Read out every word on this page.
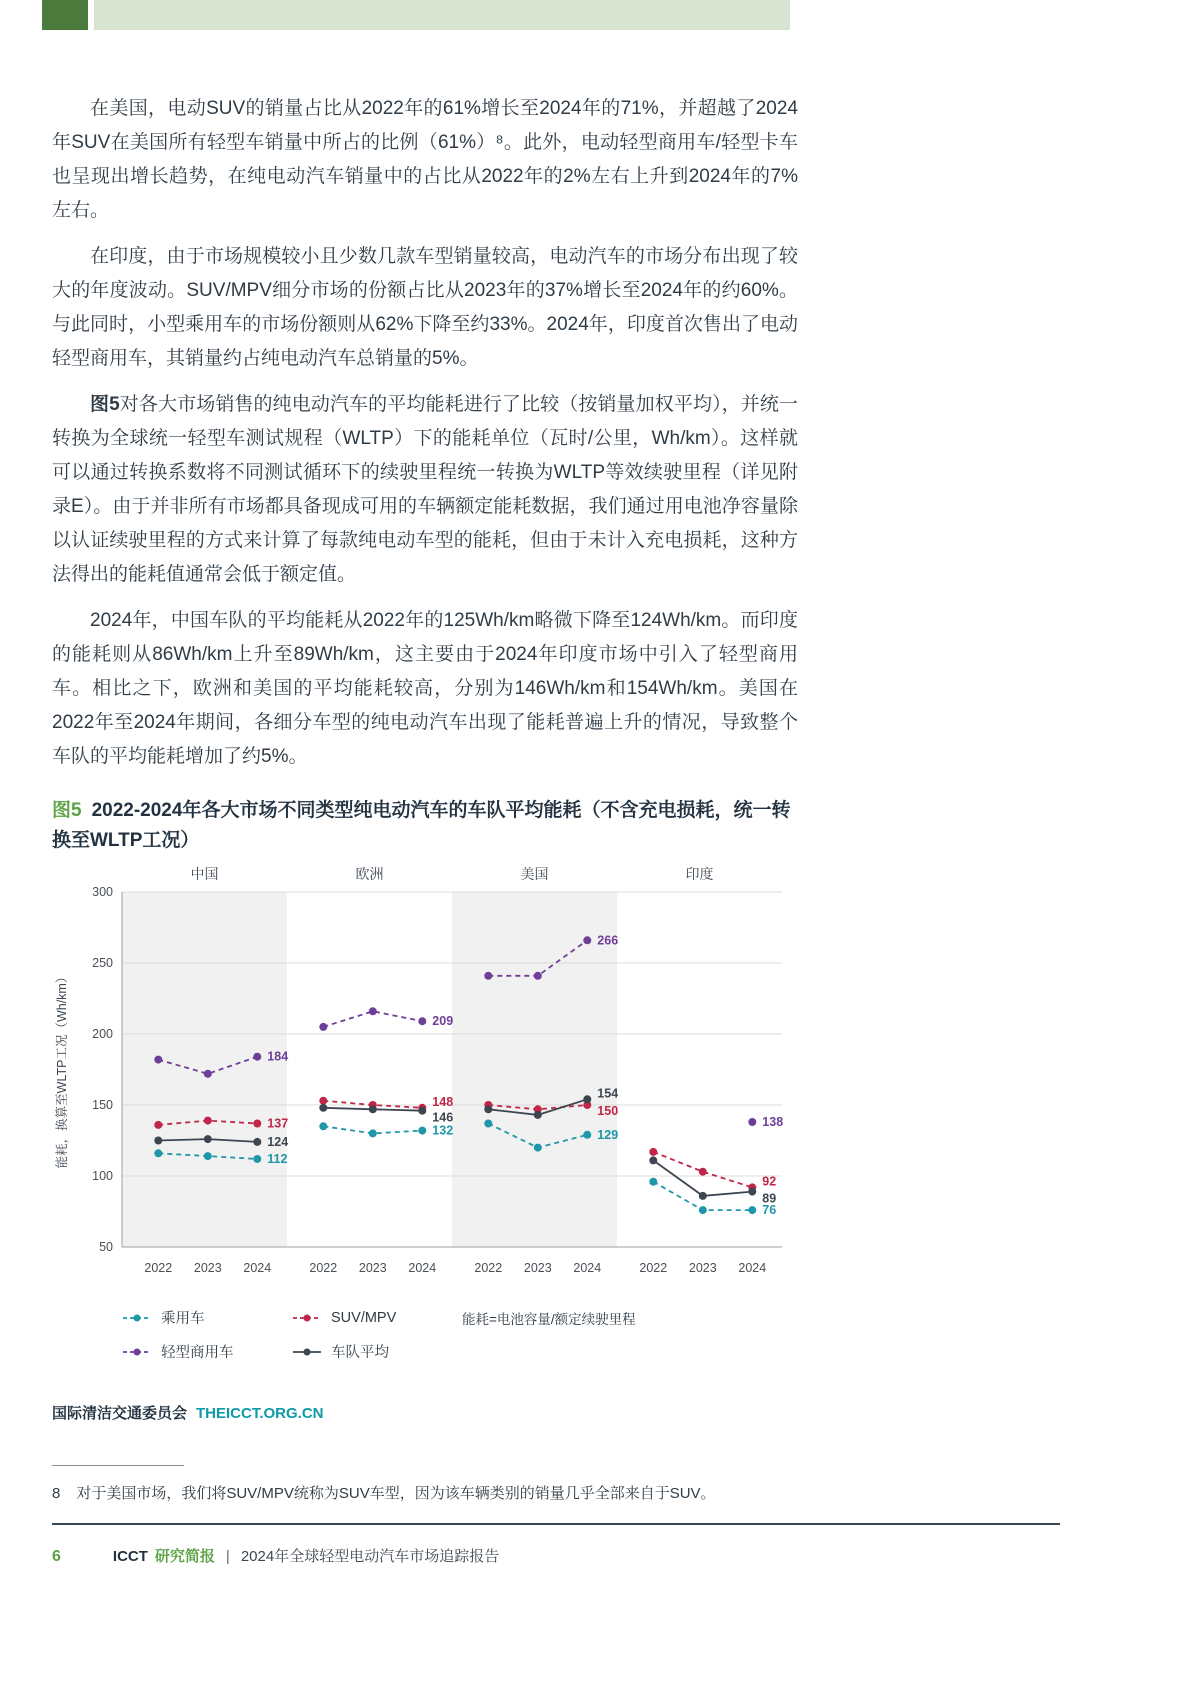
在美国，电动SUV的销量占比从2022年的61%增长至2024年的71%，并超越了2024年SUV在美国所有轻型车销量中所占的比例（61%）⁸。此外，电动轻型商用车/轻型卡车也呈现出增长趋势，在纯电动汽车销量中的占比从2022年的2%左右上升到2024年的7%左右。

在印度，由于市场规模较小且少数几款车型销量较高，电动汽车的市场分布出现了较大的年度波动。SUV/MPV细分市场的份额占比从2023年的37%增长至2024年的约60%。与此同时，小型乘用车的市场份额则从62%下降至约33%。2024年，印度首次售出了电动轻型商用车，其销量约占纯电动汽车总销量的5%。

图5对各大市场销售的纯电动汽车的平均能耗进行了比较（按销量加权平均），并统一转换为全球统一轻型车测试规程（WLTP）下的能耗单位（瓦时/公里，Wh/km）。这样就可以通过转换系数将不同测试循环下的续驶里程统一转换为WLTP等效续驶里程（详见附录E）。由于并非所有市场都具备现成可用的车辆额定能耗数据，我们通过用电池净容量除以认证续驶里程的方式来计算了每款纯电动车型的能耗，但由于未计入充电损耗，这种方法得出的能耗值通常会低于额定值。

2024年，中国车队的平均能耗从2022年的125Wh/km略微下降至124Wh/km。而印度的能耗则从86Wh/km上升至89Wh/km，这主要由于2024年印度市场中引入了轻型商用车。相比之下，欧洲和美国的平均能耗较高，分别为146Wh/km和154Wh/km。美国在2022年至2024年期间，各细分车型的纯电动汽车出现了能耗普遍上升的情况，导致整个车队的平均能耗增加了约5%。

图5 2022-2024年各大市场不同类型纯电动汽车的车队平均能耗（不含充电损耗，统一转换至WLTP工况）
50
100
150
200
250
300
中国
2022 2023 2024
欧洲
2022 2023 2024
美国
2022 2023 2024
印度
2022 2023 2024
112
132	129
76
137
148
150
92
184
209
266
138
124
146
154
89
能耗，换算至WLTP工况（Wh/km）
乘用车	SUV/MPV	能耗=电池容量/额定续驶里程
轻型商用车	车队平均
国际清洁交通委员会 THEICCT.ORG.CN
8 对于美国市场，我们将SUV/MPV统称为SUV车型，因为该车辆类别的销量几乎全部来自于SUV。
6	ICCT 研究简报 | 2024年全球轻型电动汽车市场追踪报告
